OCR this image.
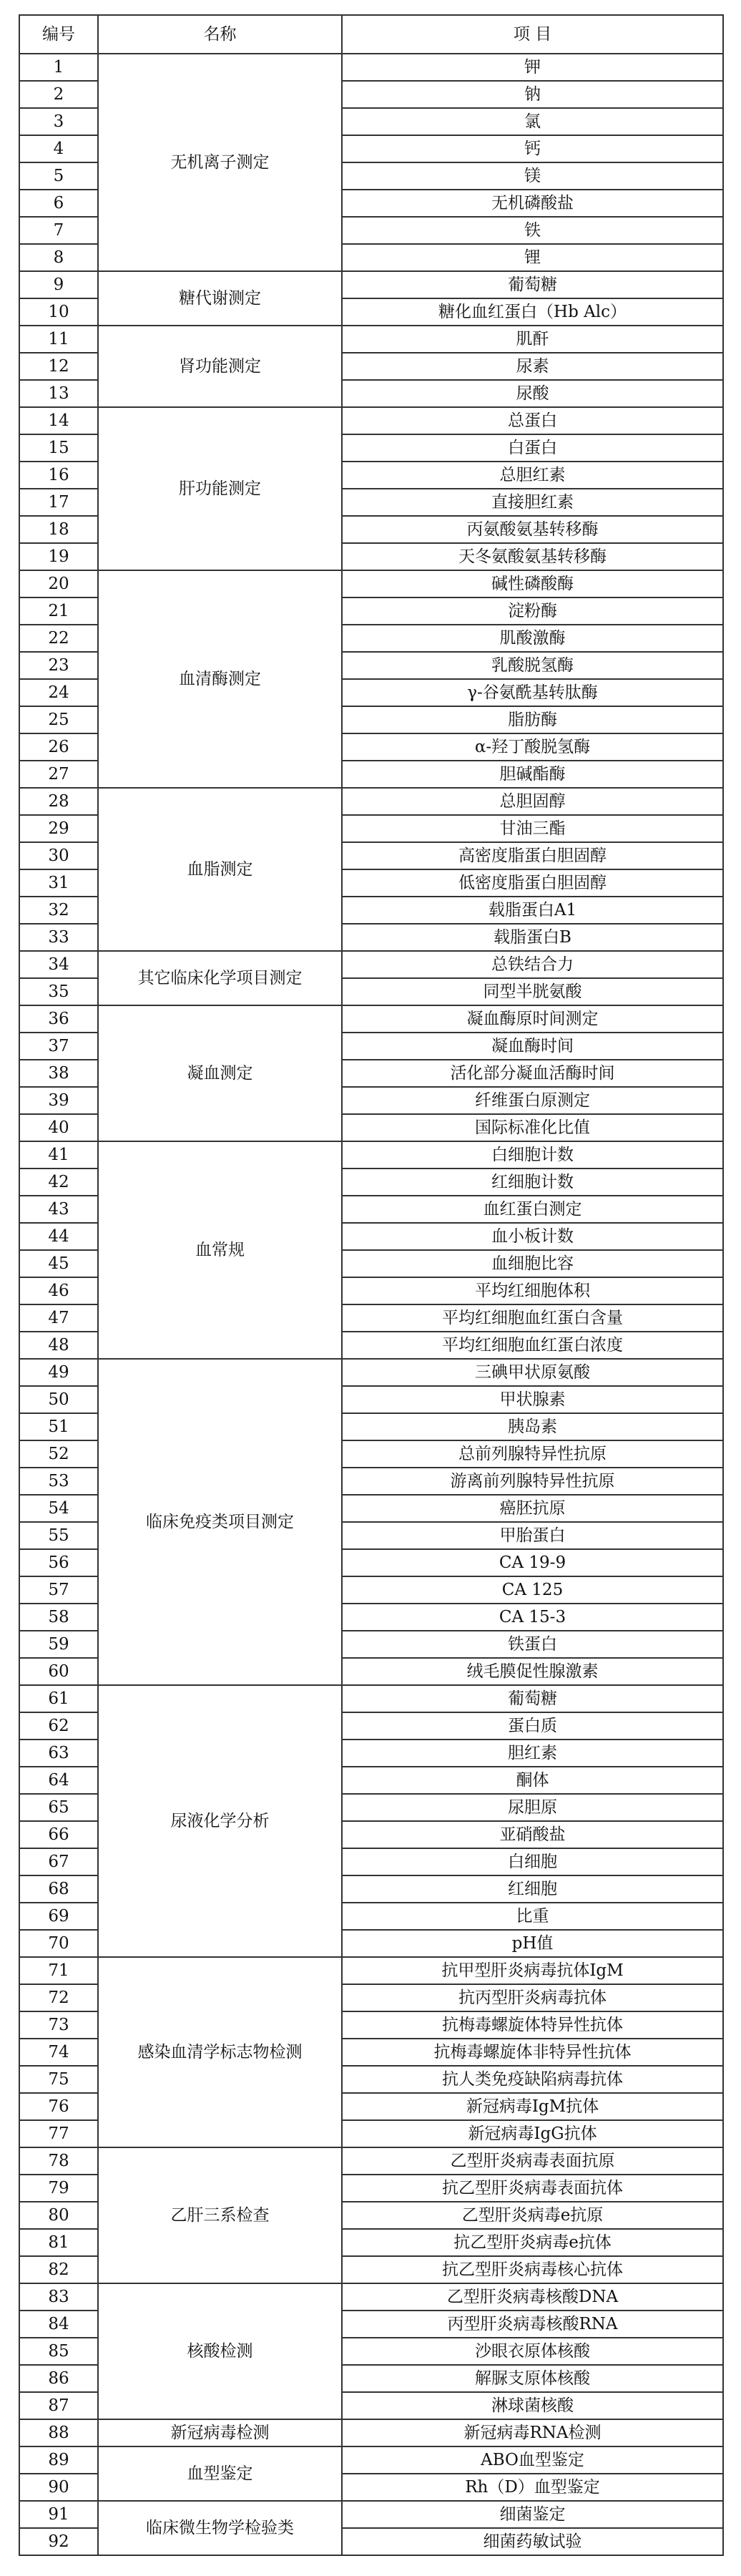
编号	名称	项 目
1	无机离子测定	钾
2		钠
3		氯
4		钙
5		镁
6		无机磷酸盐
7		铁
8		锂
9	糖代谢测定	葡萄糖
10		糖化血红蛋白（Hb Alc）
11	肾功能测定	肌酐
12		尿素
13		尿酸
14	肝功能测定	总蛋白
15		白蛋白
16		总胆红素
17		直接胆红素
18		丙氨酸氨基转移酶
19		天冬氨酸氨基转移酶
20	血清酶测定	碱性磷酸酶
21		淀粉酶
22		肌酸激酶
23		乳酸脱氢酶
24		γ-谷氨酰基转肽酶
25		脂肪酶
26		α-羟丁酸脱氢酶
27		胆碱酯酶
28	血脂测定	总胆固醇
29		甘油三酯
30		高密度脂蛋白胆固醇
31		低密度脂蛋白胆固醇
32		载脂蛋白A1
33		载脂蛋白B
34	其它临床化学项目测定	总铁结合力
35		同型半胱氨酸
36	凝血测定	凝血酶原时间测定
37		凝血酶时间
38		活化部分凝血活酶时间
39		纤维蛋白原测定
40		国际标准化比值
41	血常规	白细胞计数
42		红细胞计数
43		血红蛋白测定
44		血小板计数
45		血细胞比容
46		平均红细胞体积
47		平均红细胞血红蛋白含量
48		平均红细胞血红蛋白浓度
49	临床免疫类项目测定	三碘甲状原氨酸
50		甲状腺素
51		胰岛素
52		总前列腺特异性抗原
53		游离前列腺特异性抗原
54		癌胚抗原
55		甲胎蛋白
56		CA 19-9
57		CA 125
58		CA 15-3
59		铁蛋白
60		绒毛膜促性腺激素
61	尿液化学分析	葡萄糖
62		蛋白质
63		胆红素
64		酮体
65		尿胆原
66		亚硝酸盐
67		白细胞
68		红细胞
69		比重
70		pH值
71	感染血清学标志物检测	抗甲型肝炎病毒抗体IgM
72		抗丙型肝炎病毒抗体
73		抗梅毒螺旋体特异性抗体
74		抗梅毒螺旋体非特异性抗体
75		抗人类免疫缺陷病毒抗体
76		新冠病毒IgM抗体
77		新冠病毒IgG抗体
78	乙肝三系检查	乙型肝炎病毒表面抗原
79		抗乙型肝炎病毒表面抗体
80		乙型肝炎病毒e抗原
81		抗乙型肝炎病毒e抗体
82		抗乙型肝炎病毒核心抗体
83	核酸检测	乙型肝炎病毒核酸DNA
84		丙型肝炎病毒核酸RNA
85		沙眼衣原体核酸
86		解脲支原体核酸
87		淋球菌核酸
88	新冠病毒检测	新冠病毒RNA检测
89	血型鉴定	ABO血型鉴定
90		Rh（D）血型鉴定
91	临床微生物学检验类	细菌鉴定
92		细菌药敏试验
